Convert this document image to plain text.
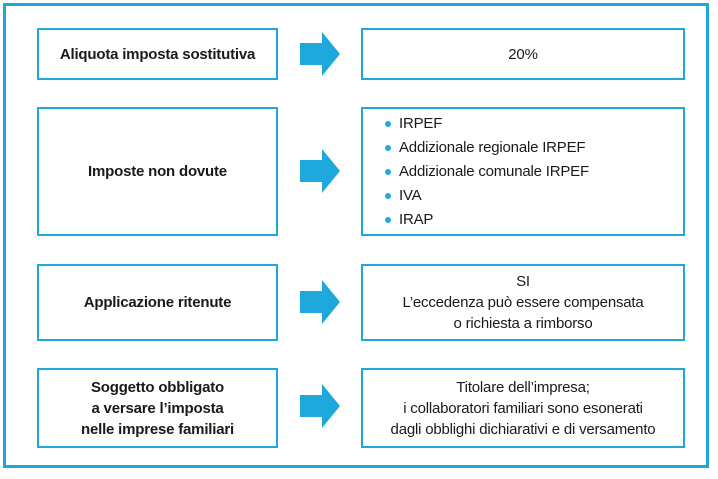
Aliquota imposta sostitutiva	20%
Imposte non dovute
IRPEF
Addizionale regionale IRPEF
Addizionale comunale IRPEF
IVA
IRAP
Applicazione ritenute
SI
L’eccedenza può essere compensata
o richiesta a rimborso
Soggetto obbligato
a versare l’imposta
nelle imprese familiari
Titolare dell’impresa;
i collaboratori familiari sono esonerati
dagli obblighi dichiarativi e di versamento
